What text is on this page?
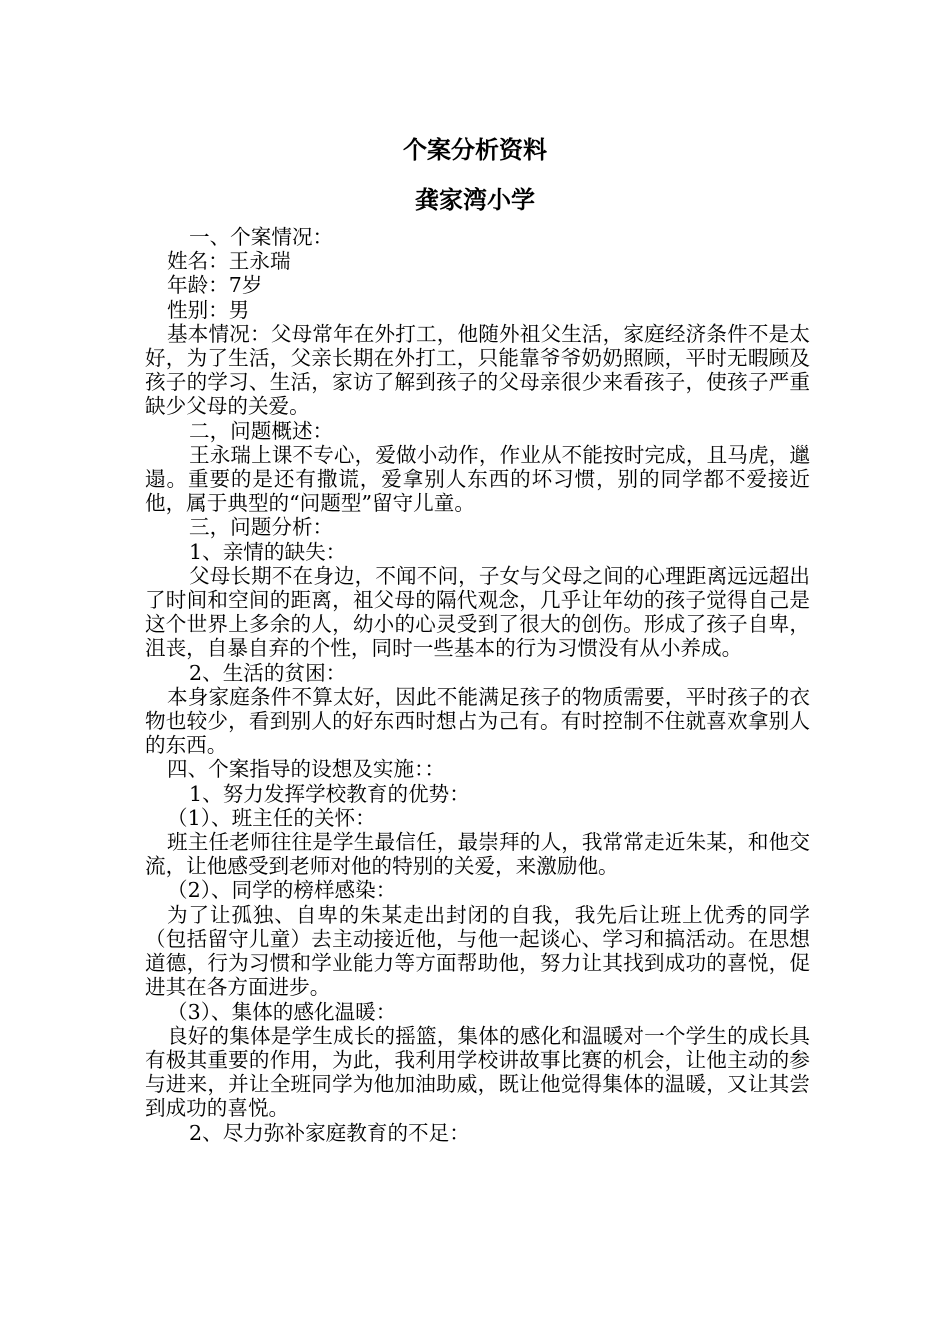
个案分析资料
龚家湾小学

一、个案情况：

姓名：王永瑞

年龄：7岁

性别：男

基本情况：父母常年在外打工，他随外祖父生活，家庭经济条件不是太好，为了生活，父亲长期在外打工，只能靠爷爷奶奶照顾，平时无暇顾及孩子的学习、生活，家访了解到孩子的父母亲很少来看孩子，使孩子严重缺少父母的关爱。

二，问题概述：

王永瑞上课不专心，爱做小动作，作业从不能按时完成，且马虎，邋遢。重要的是还有撒谎，爱拿别人东西的坏习惯，别的同学都不爱接近他，属于典型的“问题型”留守儿童。

三，问题分析：

1、亲情的缺失：

父母长期不在身边，不闻不问，子女与父母之间的心理距离远远超出了时间和空间的距离，祖父母的隔代观念，几乎让年幼的孩子觉得自己是这个世界上多余的人，幼小的心灵受到了很大的创伤。形成了孩子自卑，沮丧，自暴自弃的个性，同时一些基本的行为习惯没有从小养成。

2、生活的贫困：

本身家庭条件不算太好，因此不能满足孩子的物质需要，平时孩子的衣物也较少，看到别人的好东西时想占为己有。有时控制不住就喜欢拿别人的东西。

四、个案指导的设想及实施：：

1、努力发挥学校教育的优势：

（1）、班主任的关怀：

班主任老师往往是学生最信任，最崇拜的人，我常常走近朱某，和他交流，让他感受到老师对他的特别的关爱，来激励他。

（2）、同学的榜样感染：

为了让孤独、自卑的朱某走出封闭的自我，我先后让班上优秀的同学（包括留守儿童）去主动接近他，与他一起谈心、学习和搞活动。在思想道德，行为习惯和学业能力等方面帮助他，努力让其找到成功的喜悦，促进其在各方面进步。

（3）、集体的感化温暖：

良好的集体是学生成长的摇篮，集体的感化和温暖对一个学生的成长具有极其重要的作用，为此，我利用学校讲故事比赛的机会，让他主动的参与进来，并让全班同学为他加油助威，既让他觉得集体的温暖，又让其尝到成功的喜悦。

2、尽力弥补家庭教育的不足：
